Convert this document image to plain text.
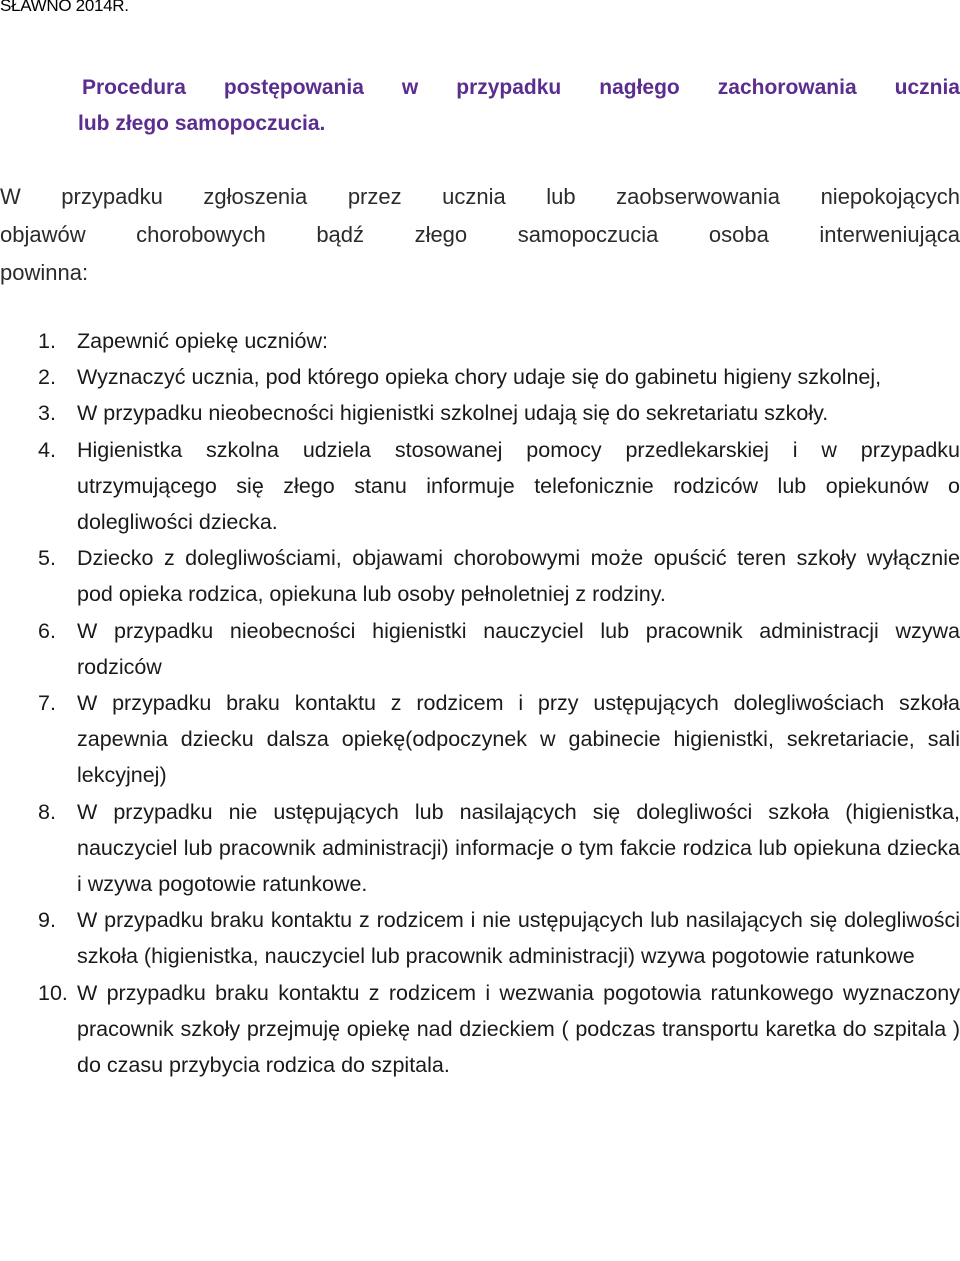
SŁAWNO 2014R.
Procedura postępowania w przypadku nagłego zachorowania ucznia
lub złego samopoczucia.
W przypadku zgłoszenia przez ucznia lub zaobserwowania niepokojących
objawów chorobowych bądź złego samopoczucia osoba interweniująca
powinna:
1. Zapewnić opiekę uczniów:
2. Wyznaczyć ucznia, pod którego opieka chory udaje się do gabinetu higieny szkolnej,
3. W przypadku nieobecności higienistki szkolnej udają się do sekretariatu szkoły.
4. Higienistka szkolna udziela stosowanej pomocy przedlekarskiej i w przypadku utrzymującego się złego stanu informuje telefonicznie rodziców lub opiekunów o dolegliwości dziecka.
5. Dziecko z dolegliwościami, objawami chorobowymi może opuścić teren szkoły wyłącznie pod opieka rodzica, opiekuna lub osoby pełnoletniej z rodziny.
6. W przypadku nieobecności higienistki nauczyciel lub pracownik administracji wzywa rodziców
7. W przypadku braku kontaktu z rodzicem i przy ustępujących dolegliwościach szkoła zapewnia dziecku dalsza opiekę(odpoczynek w gabinecie higienistki, sekretariacie, sali lekcyjnej)
8. W przypadku nie ustępujących lub nasilających się dolegliwości szkoła (higienistka, nauczyciel lub pracownik administracji) informacje o tym fakcie rodzica lub opiekuna dziecka i wzywa pogotowie ratunkowe.
9. W przypadku braku kontaktu z rodzicem i nie ustępujących lub nasilających się dolegliwości szkoła (higienistka, nauczyciel lub pracownik administracji) wzywa pogotowie ratunkowe
10. W przypadku braku kontaktu z rodzicem i wezwania pogotowia ratunkowego wyznaczony pracownik szkoły przejmuję opiekę nad dzieckiem ( podczas transportu karetka do szpitala ) do czasu przybycia rodzica do szpitala.
